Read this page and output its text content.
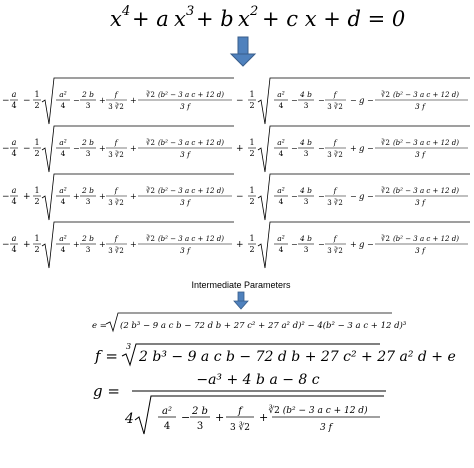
x 4 + a x 3 + b x 2 + c x + d = 0
−
a
4 −
1
2
a²
4
−
2 b
3
+
f
3 ∛2
+
∛2 (b² − 3 a c + 12 d)
3 f
−
1
2
a²
4
−
4 b
3
−
f
3 ∛2
− g −
∛2 (b² − 3 a c + 12 d)
3 f
−
a
4 −
1
2
a²
4
−
2 b
3
+
f
3 ∛2
+
∛2 (b² − 3 a c + 12 d)
3 f
+
1
2
a²
4
−
4 b
3
−
f
3 ∛2
+ g −
∛2 (b² − 3 a c + 12 d)
3 f
−
a
4 +
1
2
a²
4
+
2 b
3
+
f
3 ∛2
+
∛2 (b² − 3 a c + 12 d)
3 f
−
1
2
a²
4
−
4 b
3
−
f
3 ∛2
− g −
∛2 (b² − 3 a c + 12 d)
3 f
−
a
4 +
1
2
a²
4
+
2 b
3
+
f
3 ∛2
+
∛2 (b² − 3 a c + 12 d)
3 f
+
1
2
a²
4
−
4 b
3
−
f
3 ∛2
+ g −
∛2 (b² − 3 a c + 12 d)
3 f
Intermediate Parameters
e = (2 b³ − 9 a c b − 72 d b + 27 c² + 27 a² d)² − 4(b² − 3 a c + 12 d)³
f =
3
2 b³ − 9 a c b − 72 d b + 27 c² + 27 a² d + e
g =
−a³ + 4 b a − 8 c
4	a²
4
− 2 b
3
+ f
3 ∛2
+ ∛2 (b² − 3 a c + 12 d)
3 f
